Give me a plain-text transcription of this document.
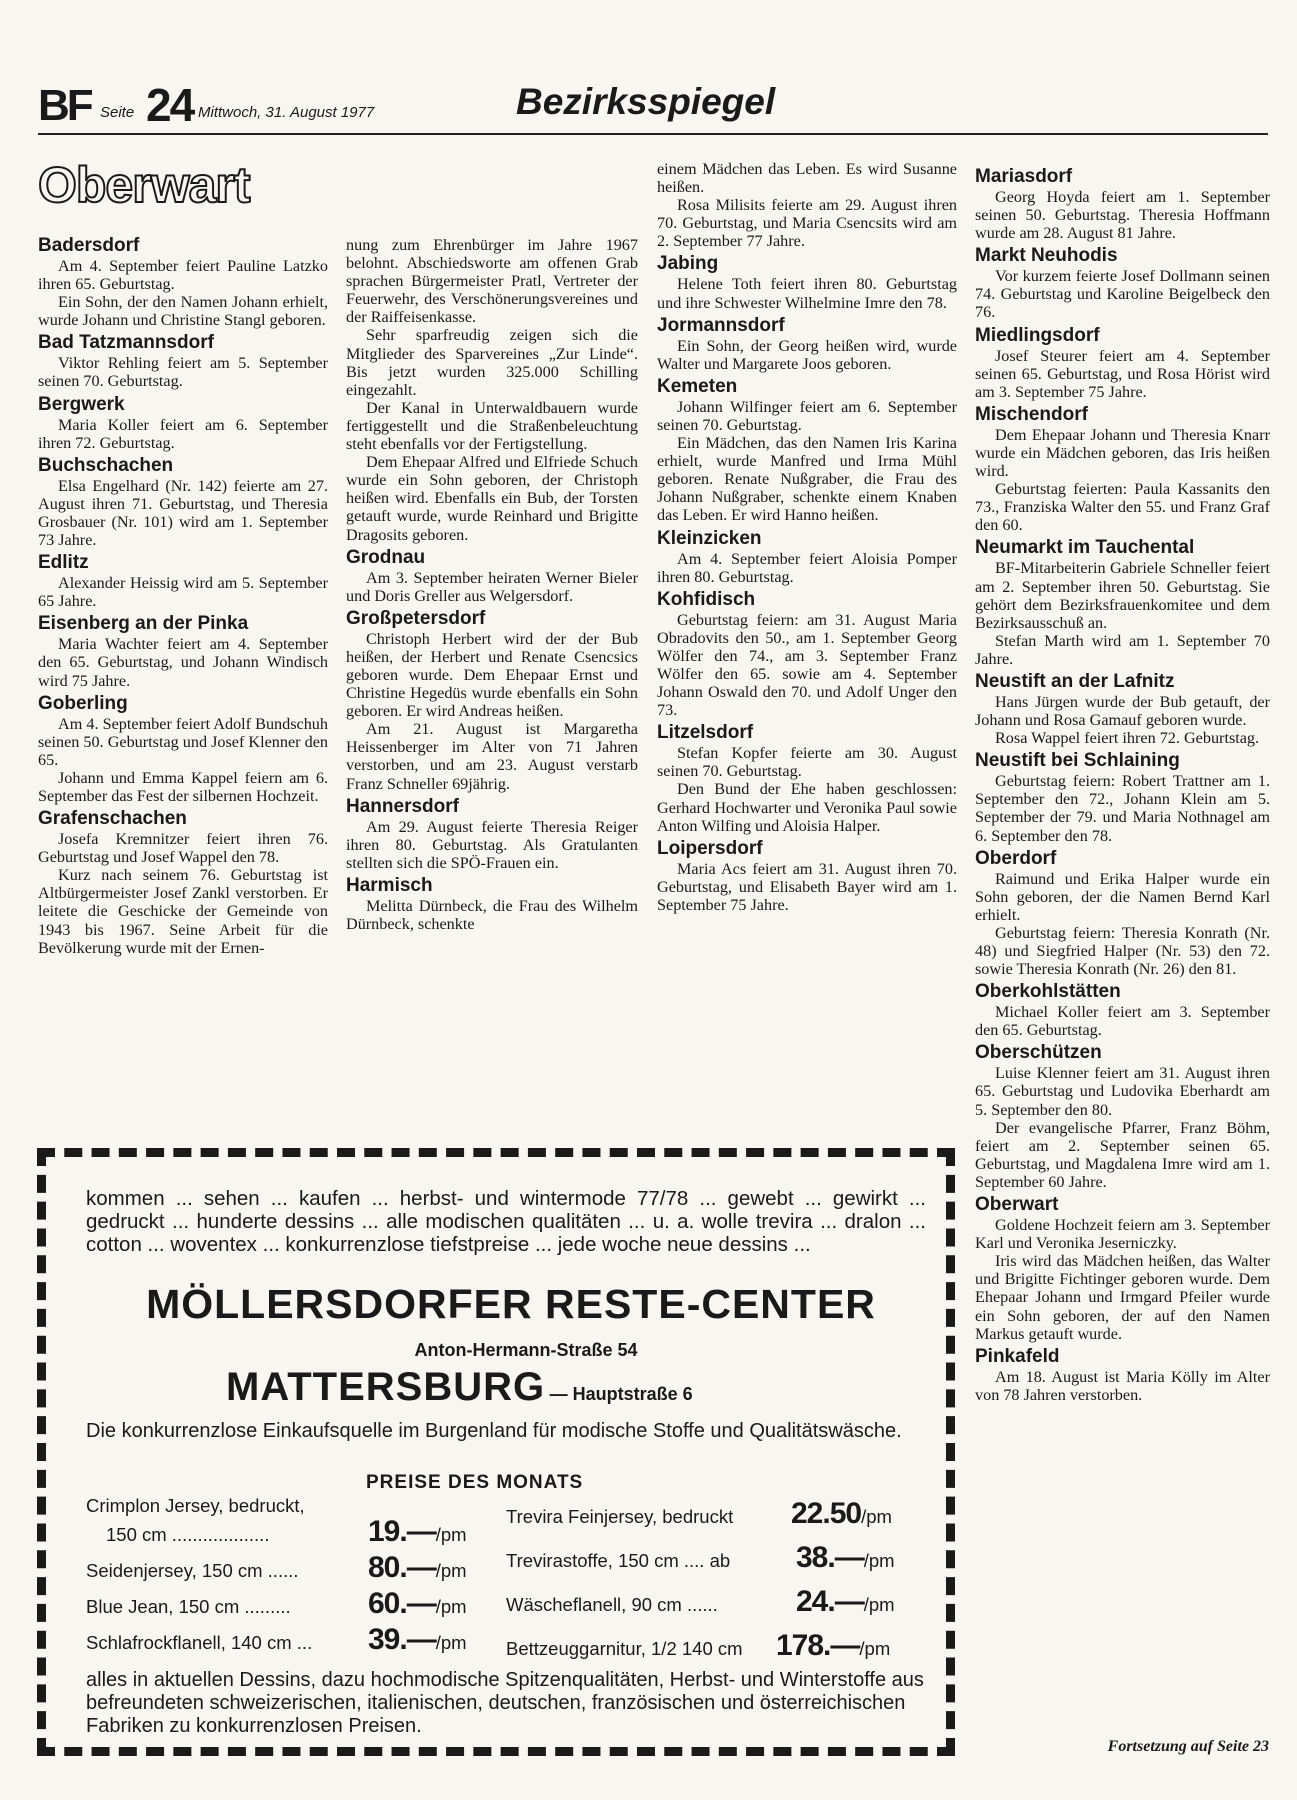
BF Seite 24 Mittwoch, 31. August 1977	Bezirksspiegel
Oberwart
Badersdorf

Am 4. September feiert Pauline Latzko ihren 65. Geburtstag.

Ein Sohn, der den Namen Johann erhielt, wurde Johann und Christine Stangl geboren.

Bad Tatzmannsdorf

Viktor Rehling feiert am 5. September seinen 70. Geburtstag.

Bergwerk

Maria Koller feiert am 6. September ihren 72. Geburtstag.

Buchschachen

Elsa Engelhard (Nr. 142) feierte am 27. August ihren 71. Geburtstag, und Theresia Grosbauer (Nr. 101) wird am 1. September 73 Jahre.

Edlitz

Alexander Heissig wird am 5. September 65 Jahre.

Eisenberg an der Pinka

Maria Wachter feiert am 4. September den 65. Geburtstag, und Johann Windisch wird 75 Jahre.

Goberling

Am 4. September feiert Adolf Bundschuh seinen 50. Geburtstag und Josef Klenner den 65.

Johann und Emma Kappel feiern am 6. September das Fest der silbernen Hochzeit.

Grafenschachen

Josefa Kremnitzer feiert ihren 76. Geburtstag und Josef Wappel den 78.

Kurz nach seinem 76. Geburtstag ist Altbürgermeister Josef Zankl verstorben. Er leitete die Geschicke der Gemeinde von 1943 bis 1967. Seine Arbeit für die Bevölkerung wurde mit der Ernen-

nung zum Ehrenbürger im Jahre 1967 belohnt. Abschiedsworte am offenen Grab sprachen Bürgermeister Pratl, Vertreter der Feuerwehr, des Verschönerungsvereines und der Raiffeisenkasse.

Sehr sparfreudig zeigen sich die Mitglieder des Sparvereines „Zur Linde“. Bis jetzt wurden 325.000 Schilling eingezahlt.

Der Kanal in Unterwaldbauern wurde fertiggestellt und die Straßenbeleuchtung steht ebenfalls vor der Fertigstellung.

Dem Ehepaar Alfred und Elfriede Schuch wurde ein Sohn geboren, der Christoph heißen wird. Ebenfalls ein Bub, der Torsten getauft wurde, wurde Reinhard und Brigitte Dragosits geboren.

Grodnau

Am 3. September heiraten Werner Bieler und Doris Greller aus Welgersdorf.

Großpetersdorf

Christoph Herbert wird der der Bub heißen, der Herbert und Renate Csencsics geboren wurde. Dem Ehepaar Ernst und Christine Hegedüs wurde ebenfalls ein Sohn geboren. Er wird Andreas heißen.

Am 21. August ist Margaretha Heissenberger im Alter von 71 Jahren verstorben, und am 23. August verstarb Franz Schneller 69jährig.

Hannersdorf

Am 29. August feierte Theresia Reiger ihren 80. Geburtstag. Als Gratulanten stellten sich die SPÖ-Frauen ein.

Harmisch

Melitta Dürnbeck, die Frau des Wilhelm Dürnbeck, schenkte

einem Mädchen das Leben. Es wird Susanne heißen.

Rosa Milisits feierte am 29. August ihren 70. Geburtstag, und Maria Csencsits wird am 2. September 77 Jahre.

Jabing

Helene Toth feiert ihren 80. Geburtstag und ihre Schwester Wilhelmine Imre den 78.

Jormannsdorf

Ein Sohn, der Georg heißen wird, wurde Walter und Margarete Joos geboren.

Kemeten

Johann Wilfinger feiert am 6. September seinen 70. Geburtstag.

Ein Mädchen, das den Namen Iris Karina erhielt, wurde Manfred und Irma Mühl geboren. Renate Nußgraber, die Frau des Johann Nußgraber, schenkte einem Knaben das Leben. Er wird Hanno heißen.

Kleinzicken

Am 4. September feiert Aloisia Pomper ihren 80. Geburtstag.

Kohfidisch

Geburtstag feiern: am 31. August Maria Obradovits den 50., am 1. September Georg Wölfer den 74., am 3. September Franz Wölfer den 65. sowie am 4. September Johann Oswald den 70. und Adolf Unger den 73.

Litzelsdorf

Stefan Kopfer feierte am 30. August seinen 70. Geburtstag.

Den Bund der Ehe haben geschlossen: Gerhard Hochwarter und Veronika Paul sowie Anton Wilfing und Aloisia Halper.

Loipersdorf

Maria Acs feiert am 31. August ihren 70. Geburtstag, und Elisabeth Bayer wird am 1. September 75 Jahre.

Mariasdorf

Georg Hoyda feiert am 1. September seinen 50. Geburtstag. Theresia Hoffmann wurde am 28. August 81 Jahre.

Markt Neuhodis

Vor kurzem feierte Josef Dollmann seinen 74. Geburtstag und Karoline Beigelbeck den 76.

Miedlingsdorf

Josef Steurer feiert am 4. September seinen 65. Geburtstag, und Rosa Hörist wird am 3. September 75 Jahre.

Mischendorf

Dem Ehepaar Johann und Theresia Knarr wurde ein Mädchen geboren, das Iris heißen wird.

Geburtstag feierten: Paula Kassanits den 73., Franziska Walter den 55. und Franz Graf den 60.

Neumarkt im Tauchental

BF-Mitarbeiterin Gabriele Schneller feiert am 2. September ihren 50. Geburtstag. Sie gehört dem Bezirksfrauenkomitee und dem Bezirksausschuß an.

Stefan Marth wird am 1. September 70 Jahre.

Neustift an der Lafnitz

Hans Jürgen wurde der Bub getauft, der Johann und Rosa Gamauf geboren wurde.

Rosa Wappel feiert ihren 72. Geburtstag.

Neustift bei Schlaining

Geburtstag feiern: Robert Trattner am 1. September den 72., Johann Klein am 5. September der 79. und Maria Nothnagel am 6. September den 78.

Oberdorf

Raimund und Erika Halper wurde ein Sohn geboren, der die Namen Bernd Karl erhielt.

Geburtstag feiern: Theresia Konrath (Nr. 48) und Siegfried Halper (Nr. 53) den 72. sowie Theresia Konrath (Nr. 26) den 81.

Oberkohlstätten

Michael Koller feiert am 3. September den 65. Geburtstag.

Oberschützen

Luise Klenner feiert am 31. August ihren 65. Geburtstag und Ludovika Eberhardt am 5. September den 80.

Der evangelische Pfarrer, Franz Böhm, feiert am 2. September seinen 65. Geburtstag, und Magdalena Imre wird am 1. September 60 Jahre.

Oberwart

Goldene Hochzeit feiern am 3. September Karl und Veronika Jeserniczky.

Iris wird das Mädchen heißen, das Walter und Brigitte Fichtinger geboren wurde. Dem Ehepaar Johann und Irmgard Pfeiler wurde ein Sohn geboren, der auf den Namen Markus getauft wurde.

Pinkafeld

Am 18. August ist Maria Kölly im Alter von 78 Jahren verstorben.

kommen ... sehen ... kaufen ... herbst- und wintermode 77/78 ... gewebt ... gewirkt ... gedruckt ... hunderte dessins ... alle modischen qualitäten ... u. a. wolle trevira ... dralon ... cotton ... woventex ... konkurrenzlose tiefstpreise ... jede woche neue dessins ...
MÖLLERSDORFER RESTE-CENTER
Anton-Hermann-Straße 54
MATTERSBURG — Hauptstraße 6
Die konkurrenzlose Einkaufsquelle im Burgenland für modische Stoffe und Qualitätswäsche.
PREISE DES MONATS
Crimplon Jersey, bedruckt,
150 cm ...................	19.—/pm
Seidenjersey, 150 cm ...... 80.—/pm
Blue Jean, 150 cm .........	60.—/pm
Schlafrockflanell, 140 cm ... 39.—/pm
Trevira Feinjersey, bedruckt 22.50/pm
Trevirastoffe, 150 cm .... ab 38.—/pm
Wäscheflanell, 90 cm ......	24.—/pm
Bettzeuggarnitur, 1/2 140 cm 178.—/pm
alles in aktuellen Dessins, dazu hochmodische Spitzenqualitäten, Herbst- und Winterstoffe aus befreundeten schweizerischen, italienischen, deutschen, französischen und österreichischen Fabriken zu konkurrenzlosen Preisen.
Fortsetzung auf Seite 23
